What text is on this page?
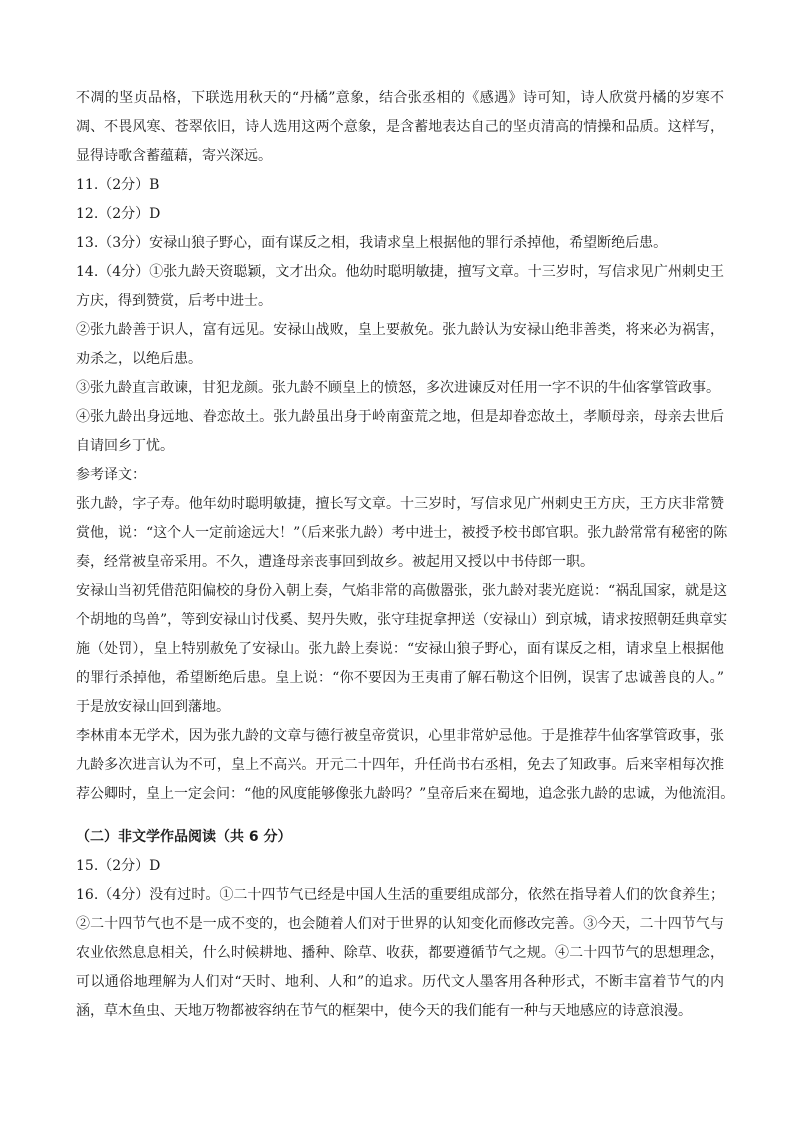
不凋的坚贞品格，下联选用秋天的“丹橘”意象，结合张丞相的《感遇》诗可知，诗人欣赏丹橘的岁寒不
凋、不畏风寒、苍翠依旧，诗人选用这两个意象，是含蓄地表达自己的坚贞清高的情操和品质。这样写，
显得诗歌含蓄蕴藉，寄兴深远。
11.（2分）B
12.（2分）D
13.（3分）安禄山狼子野心，面有谋反之相，我请求皇上根据他的罪行杀掉他，希望断绝后患。
14.（4分）①张九龄天资聪颖，文才出众。他幼时聪明敏捷，擅写文章。十三岁时，写信求见广州刺史王
方庆，得到赞赏，后考中进士。
②张九龄善于识人，富有远见。安禄山战败，皇上要赦免。张九龄认为安禄山绝非善类，将来必为祸害，
劝杀之，以绝后患。
③张九龄直言敢谏，甘犯龙颜。张九龄不顾皇上的愤怒，多次进谏反对任用一字不识的牛仙客掌管政事。
④张九龄出身远地、眷恋故土。张九龄虽出身于岭南蛮荒之地，但是却眷恋故土，孝顺母亲，母亲去世后
自请回乡丁忧。
参考译文：
张九龄，字子寿。他年幼时聪明敏捷，擅长写文章。十三岁时，写信求见广州刺史王方庆，王方庆非常赞
赏他，说：“这个人一定前途远大！”（后来张九龄）考中进士，被授予校书郎官职。张九龄常常有秘密的陈
奏，经常被皇帝采用。不久，遭逢母亲丧事回到故乡。被起用又授以中书侍郎一职。
安禄山当初凭借范阳偏校的身份入朝上奏，气焰非常的高傲嚣张，张九龄对裴光庭说：“祸乱国家，就是这
个胡地的鸟兽”，等到安禄山讨伐奚、契丹失败，张守珪捉拿押送（安禄山）到京城，请求按照朝廷典章实
施（处罚），皇上特别赦免了安禄山。张九龄上奏说：“安禄山狼子野心，面有谋反之相，请求皇上根据他
的罪行杀掉他，希望断绝后患。皇上说：“你不要因为王夷甫了解石勒这个旧例，误害了忠诚善良的人。”
于是放安禄山回到藩地。
李林甫本无学术，因为张九龄的文章与德行被皇帝赏识，心里非常妒忌他。于是推荐牛仙客掌管政事，张
九龄多次进言认为不可，皇上不高兴。开元二十四年，升任尚书右丞相，免去了知政事。后来宰相每次推
荐公卿时，皇上一定会问：“他的风度能够像张九龄吗？”皇帝后来在蜀地，追念张九龄的忠诚，为他流泪。
（二）非文学作品阅读（共 6 分）
15.（2分）D
16.（4分）没有过时。①二十四节气已经是中国人生活的重要组成部分，依然在指导着人们的饮食养生；
②二十四节气也不是一成不变的，也会随着人们对于世界的认知变化而修改完善。③今天，二十四节气与
农业依然息息相关，什么时候耕地、播种、除草、收获，都要遵循节气之规。④二十四节气的思想理念，
可以通俗地理解为人们对“天时、地利、人和”的追求。历代文人墨客用各种形式，不断丰富着节气的内
涵，草木鱼虫、天地万物都被容纳在节气的框架中，使今天的我们能有一种与天地感应的诗意浪漫。
